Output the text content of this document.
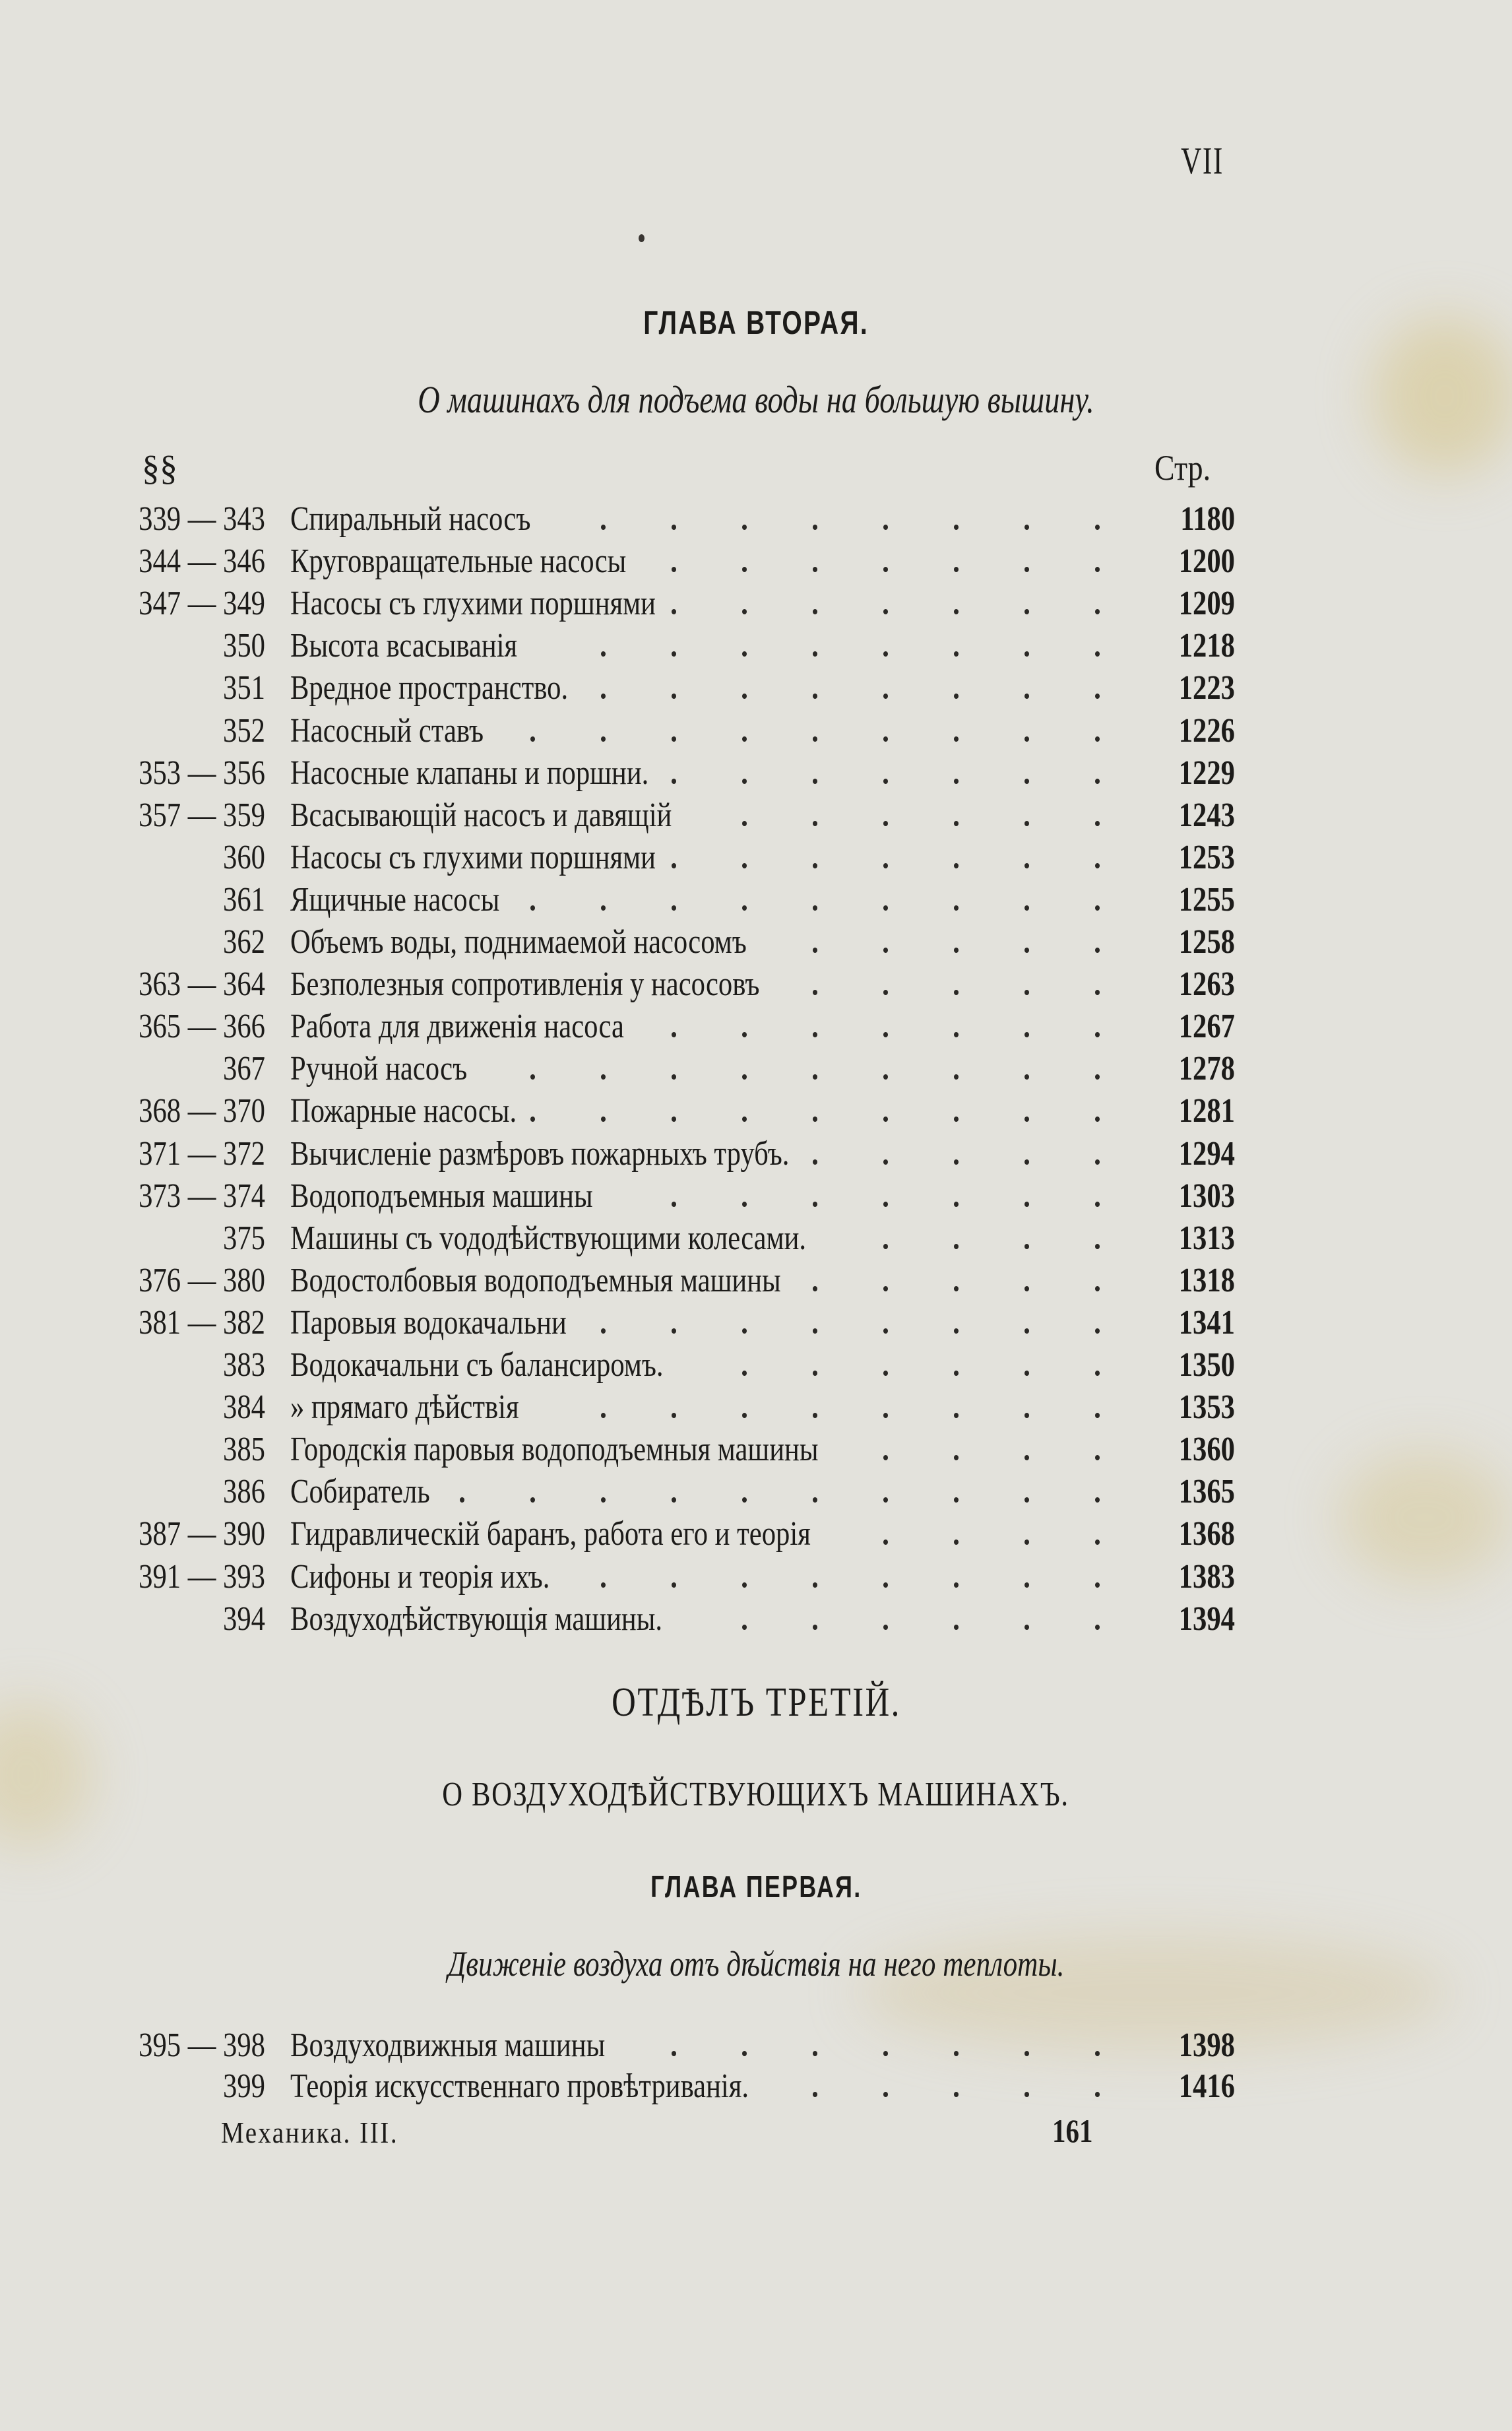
VII
ГЛАВА ВТОРАЯ.
О машинахъ для подъема воды на большую вышину.
§§	Стр.
339 — 343 Спиральный насосъ	1180
344 — 346 Круговращательные насосы	1200
347 — 349 Насосы съ глухими поршнями	1209
350 Высота всасыванія	1218
351 Вредное пространство.	1223
352 Насосный ставъ	1226
353 — 356 Насосные клапаны и поршни.	1229
357 — 359 Всасывающій насосъ и давящій	1243
360 Насосы съ глухими поршнями	1253
361 Ящичные насосы	1255
362 Объемъ воды, поднимаемой насосомъ	1258
363 — 364 Безполезныя сопротивленія у насосовъ	1263
365 — 366 Работа для движенія насоса	1267
367 Ручной насосъ	1278
368 — 370 Пожарные насосы.	1281
371 — 372 Вычисленіе размѣровъ пожарныхъ трубъ.	1294
373 — 374 Водоподъемныя машины	1303
375 Машины съ vододѣйствующими колесами.	1313
376 — 380 Водостолбовыя водоподъемныя машины	1318
381 — 382 Паровыя водокачальни	1341
383 Водокачальни съ балансиромъ.	1350
384 » прямаго дѣйствія	1353
385 Городскія паровыя водоподъемныя машины	1360
386 Собиратель	1365
387 — 390 Гидравлическій баранъ, работа его и теорія	1368
391 — 393 Сифоны и теорія ихъ.	1383
394 Воздуходѣйствующія машины.	1394
ОТДѢЛЪ ТРЕТІЙ.
О ВОЗДУХОДѢЙСТВУЮЩИХЪ МАШИНАХЪ.
ГЛАВА ПЕРВАЯ.
Движеніе воздуха отъ дѣйствія на него теплоты.
395 — 398 Воздуходвижныя машины	1398
399 Теорія искусственнаго провѣтриванія.	1416
Механика. III.	161
